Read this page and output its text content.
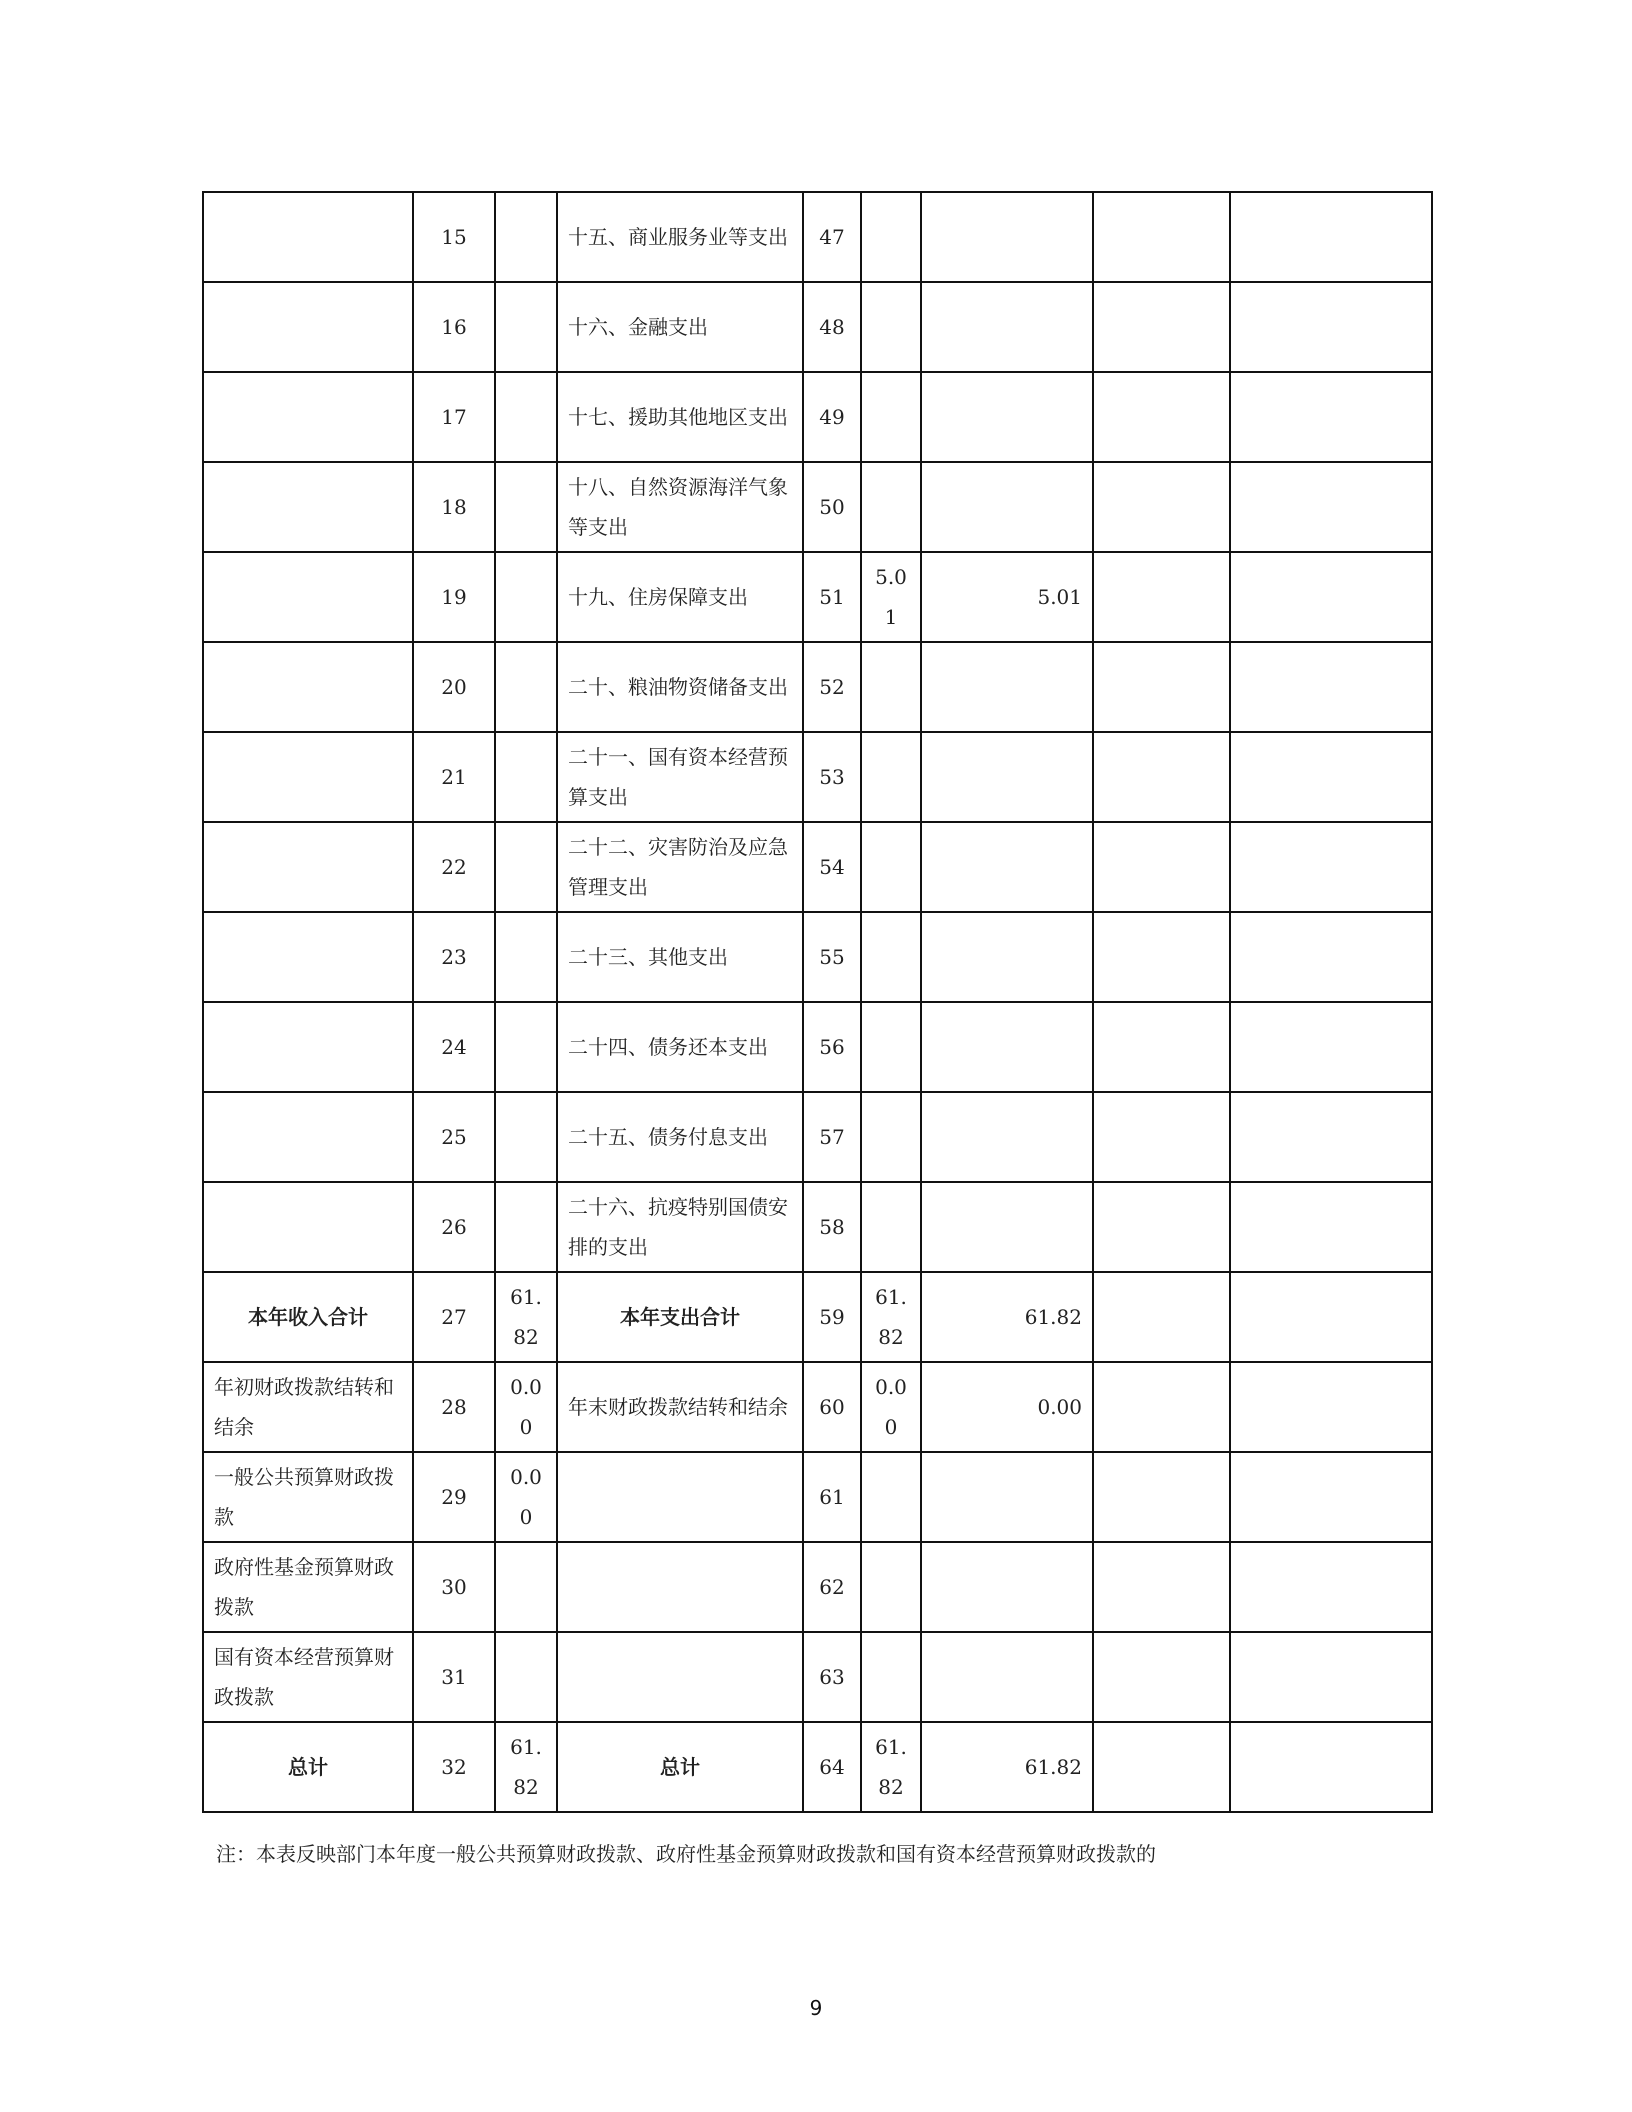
	15		十五、商业服务业等支出	47				
	16		十六、金融支出	48				
	17		十七、援助其他地区支出	49				
	18		十八、自然资源海洋气象等支出	50				
	19		十九、住房保障支出	51	5.01	5.01		
	20		二十、粮油物资储备支出	52				
	21		二十一、国有资本经营预算支出	53				
	22		二十二、灾害防治及应急管理支出	54				
	23		二十三、其他支出	55				
	24		二十四、债务还本支出	56				
	25		二十五、债务付息支出	57				
	26		二十六、抗疫特别国债安排的支出	58				
本年收入合计	27	61.82	本年支出合计	59	61.82	61.82		
年初财政拨款结转和结余	28	0.00	年末财政拨款结转和结余	60	0.00	0.00		
一般公共预算财政拨款	29	0.00		61				
政府性基金预算财政拨款	30			62				
国有资本经营预算财政拨款	31			63				
总计	32	61.82	总计	64	61.82	61.82		
注：本表反映部门本年度一般公共预算财政拨款、政府性基金预算财政拨款和国有资本经营预算财政拨款的
9
